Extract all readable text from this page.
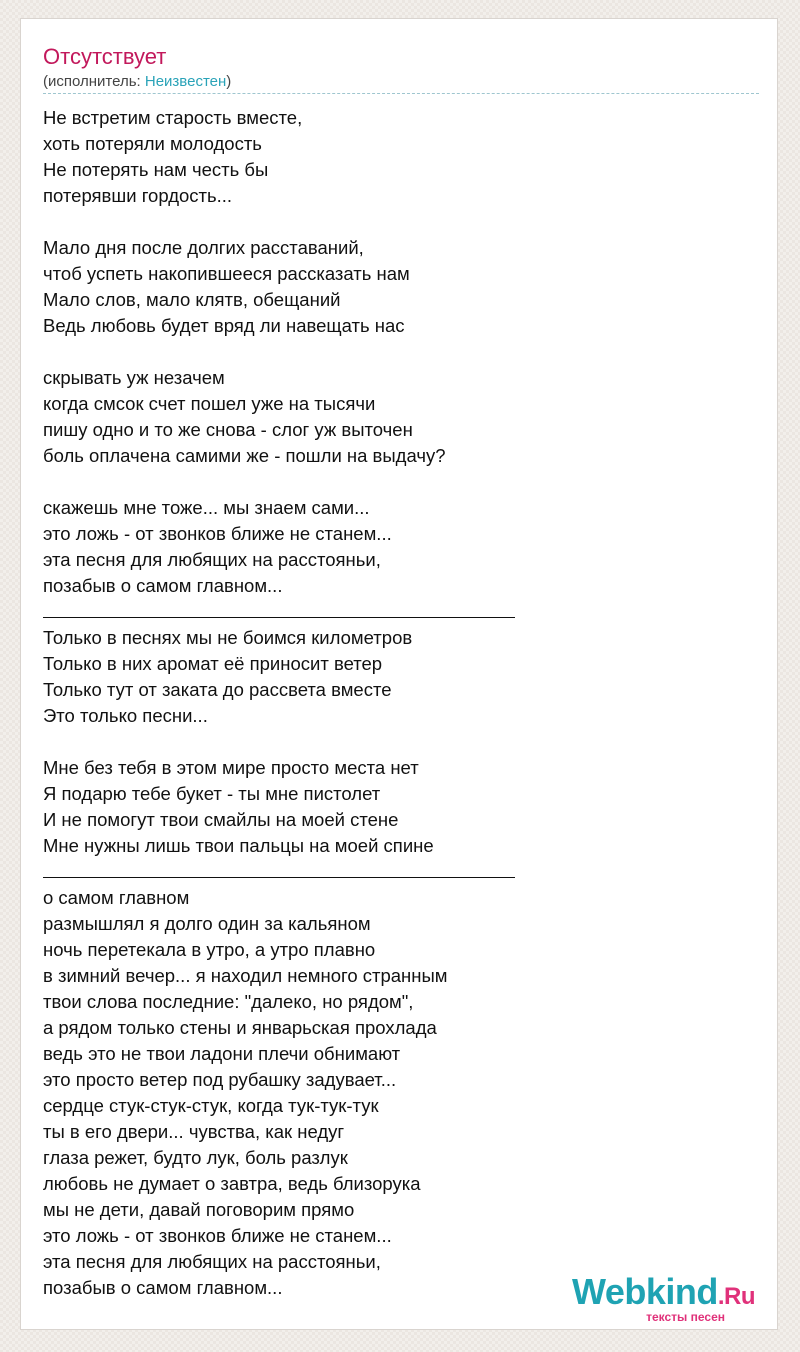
Отсутствует
(исполнитель: Неизвестен)
Не встретим старость вместе,
хоть потеряли молодость
Не потерять нам честь бы
потерявши гордость...
Мало дня после долгих расставаний,
чтоб успеть накопившееся рассказать нам
Мало слов, мало клятв, обещаний
Ведь любовь будет вряд ли навещать нас
скрывать уж незачем
когда смсок счет пошел уже на тысячи
пишу одно и то же снова - слог уж выточен
боль оплачена самими же - пошли на выдачу?
скажешь мне тоже... мы знаем сами...
это ложь - от звонков ближе не станем...
эта песня для любящих на расстояньи,
позабыв о самом главном...
Только в песнях мы не боимся километров
Только в них аромат её приносит ветер
Только тут от заката до рассвета вместе
Это только песни...
Мне без тебя в этом мире просто места нет
Я подарю тебе букет - ты мне пистолет
И не помогут твои смайлы на моей стене
Мне нужны лишь твои пальцы на моей спине
о самом главном
размышлял я долго один за кальяном
ночь перетекала в утро, а утро плавно
в зимний вечер... я находил немного странным
твои слова последние: "далеко, но рядом",
а рядом только стены и январьская прохлада
ведь это не твои ладони плечи обнимают
это просто ветер под рубашку задувает...
сердце стук-стук-стук, когда тук-тук-тук
ты в его двери... чувства, как недуг
глаза режет, будто лук, боль разлук
любовь не думает о завтра, ведь близорука
мы не дети, давай поговорим прямо
это ложь - от звонков ближе не станем...
эта песня для любящих на расстояньи,
позабыв о самом главном...	Webkind.Ru
тексты песен
